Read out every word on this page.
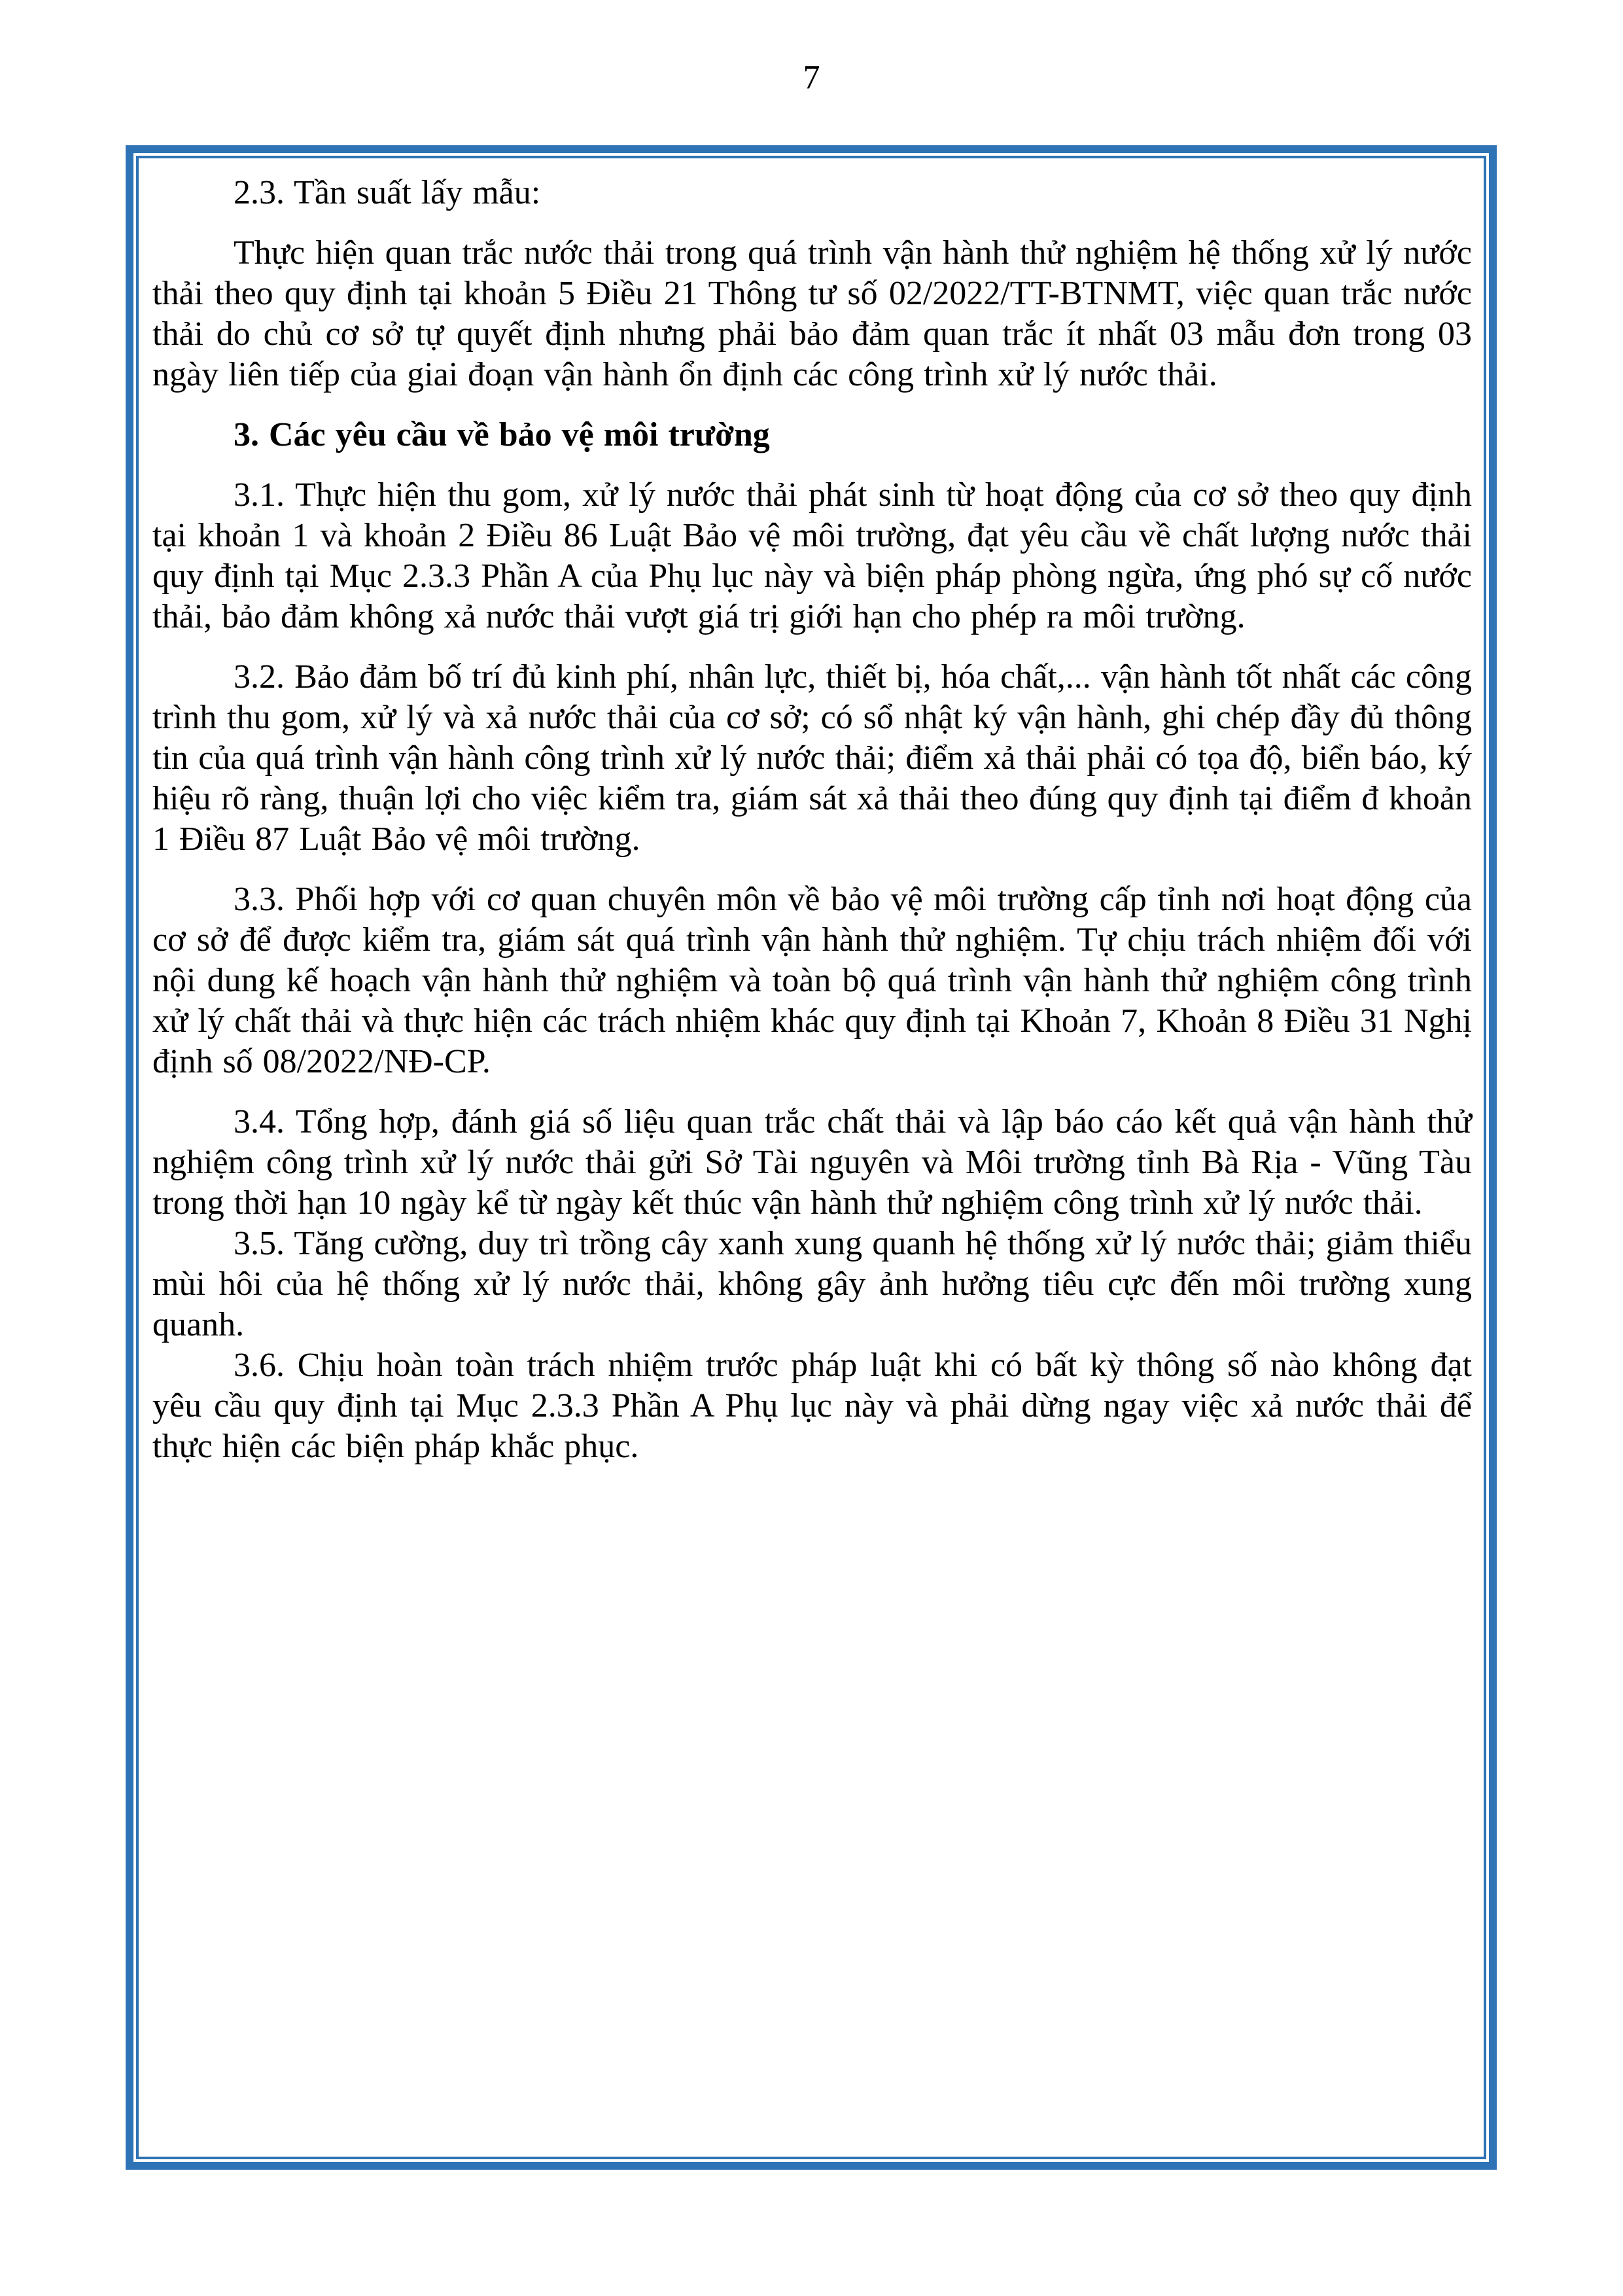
7

2.3. Tần suất lấy mẫu:

Thực hiện quan trắc nước thải trong quá trình vận hành thử nghiệm hệ thống xử lý nước thải theo quy định tại khoản 5 Điều 21 Thông tư số 02/2022/TT-BTNMT, việc quan trắc nước thải do chủ cơ sở tự quyết định nhưng phải bảo đảm quan trắc ít nhất 03 mẫu đơn trong 03 ngày liên tiếp của giai đoạn vận hành ổn định các công trình xử lý nước thải.

3. Các yêu cầu về bảo vệ môi trường

3.1. Thực hiện thu gom, xử lý nước thải phát sinh từ hoạt động của cơ sở theo quy định tại khoản 1 và khoản 2 Điều 86 Luật Bảo vệ môi trường, đạt yêu cầu về chất lượng nước thải quy định tại Mục 2.3.3 Phần A của Phụ lục này và biện pháp phòng ngừa, ứng phó sự cố nước thải, bảo đảm không xả nước thải vượt giá trị giới hạn cho phép ra môi trường.

3.2. Bảo đảm bố trí đủ kinh phí, nhân lực, thiết bị, hóa chất,... vận hành tốt nhất các công trình thu gom, xử lý và xả nước thải của cơ sở; có sổ nhật ký vận hành, ghi chép đầy đủ thông tin của quá trình vận hành công trình xử lý nước thải; điểm xả thải phải có tọa độ, biển báo, ký hiệu rõ ràng, thuận lợi cho việc kiểm tra, giám sát xả thải theo đúng quy định tại điểm đ khoản 1 Điều 87 Luật Bảo vệ môi trường.

3.3. Phối hợp với cơ quan chuyên môn về bảo vệ môi trường cấp tỉnh nơi hoạt động của cơ sở để được kiểm tra, giám sát quá trình vận hành thử nghiệm. Tự chịu trách nhiệm đối với nội dung kế hoạch vận hành thử nghiệm và toàn bộ quá trình vận hành thử nghiệm công trình xử lý chất thải và thực hiện các trách nhiệm khác quy định tại Khoản 7, Khoản 8 Điều 31 Nghị định số 08/2022/NĐ-CP.

3.4. Tổng hợp, đánh giá số liệu quan trắc chất thải và lập báo cáo kết quả vận hành thử nghiệm công trình xử lý nước thải gửi Sở Tài nguyên và Môi trường tỉnh Bà Rịa - Vũng Tàu trong thời hạn 10 ngày kể từ ngày kết thúc vận hành thử nghiệm công trình xử lý nước thải.

3.5. Tăng cường, duy trì trồng cây xanh xung quanh hệ thống xử lý nước thải; giảm thiểu mùi hôi của hệ thống xử lý nước thải, không gây ảnh hưởng tiêu cực đến môi trường xung quanh.

3.6. Chịu hoàn toàn trách nhiệm trước pháp luật khi có bất kỳ thông số nào không đạt yêu cầu quy định tại Mục 2.3.3 Phần A Phụ lục này và phải dừng ngay việc xả nước thải để thực hiện các biện pháp khắc phục.
